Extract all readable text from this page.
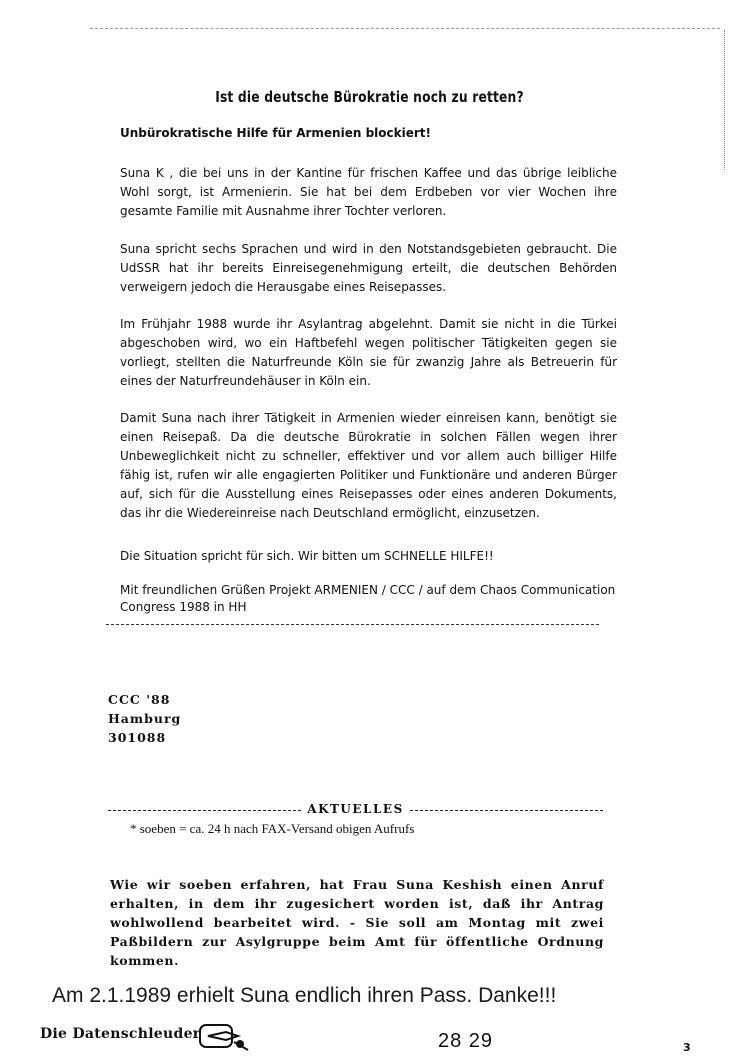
Ist die deutsche Bürokratie noch zu retten?
Unbürokratische Hilfe für Armenien blockiert!
Suna K , die bei uns in der Kantine für frischen Kaffee und das übrige leibliche Wohl sorgt, ist Armenierin. Sie hat bei dem Erdbeben vor vier Wochen ihre gesamte Familie mit Ausnahme ihrer Tochter verloren.
Suna spricht sechs Sprachen und wird in den Notstandsgebieten gebraucht. Die UdSSR hat ihr bereits Einreisegenehmigung erteilt, die deutschen Behörden verweigern jedoch die Herausgabe eines Reisepasses.
Im Frühjahr 1988 wurde ihr Asylantrag abgelehnt. Damit sie nicht in die Türkei abgeschoben wird, wo ein Haftbefehl wegen politischer Tätigkeiten gegen sie vorliegt, stellten die Naturfreunde Köln sie für zwanzig Jahre als Betreuerin für eines der Naturfreundehäuser in Köln ein.
Damit Suna nach ihrer Tätigkeit in Armenien wieder einreisen kann, benötigt sie einen Reisepaß. Da die deutsche Bürokratie in solchen Fällen wegen ihrer Unbeweglichkeit nicht zu schneller, effektiver und vor allem auch billiger Hilfe fähig ist, rufen wir alle engagierten Politiker und Funktionäre und anderen Bürger auf, sich für die Ausstellung eines Reisepasses oder eines anderen Dokuments, das ihr die Wiedereinreise nach Deutschland ermöglicht, einzusetzen.
Die Situation spricht für sich. Wir bitten um SCHNELLE HILFE!!
Mit freundlichen Grüßen Projekt ARMENIEN / CCC / auf dem Chaos Communication Congress 1988 in HH
CCC '88
Hamburg
301088
AKTUELLES
* soeben = ca. 24 h nach FAX-Versand obigen Aufrufs
Wie wir soeben erfahren, hat Frau Suna Keshish einen Anruf erhalten, in dem ihr zugesichert worden ist, daß ihr Antrag wohlwollend bearbeitet wird. - Sie soll am Montag mit zwei Paßbildern zur Asylgruppe beim Amt für öffentliche Ordnung kommen.
Am 2.1.1989 erhielt Suna endlich ihren Pass. Danke!!!
Die Datenschleuder	28 29	3
